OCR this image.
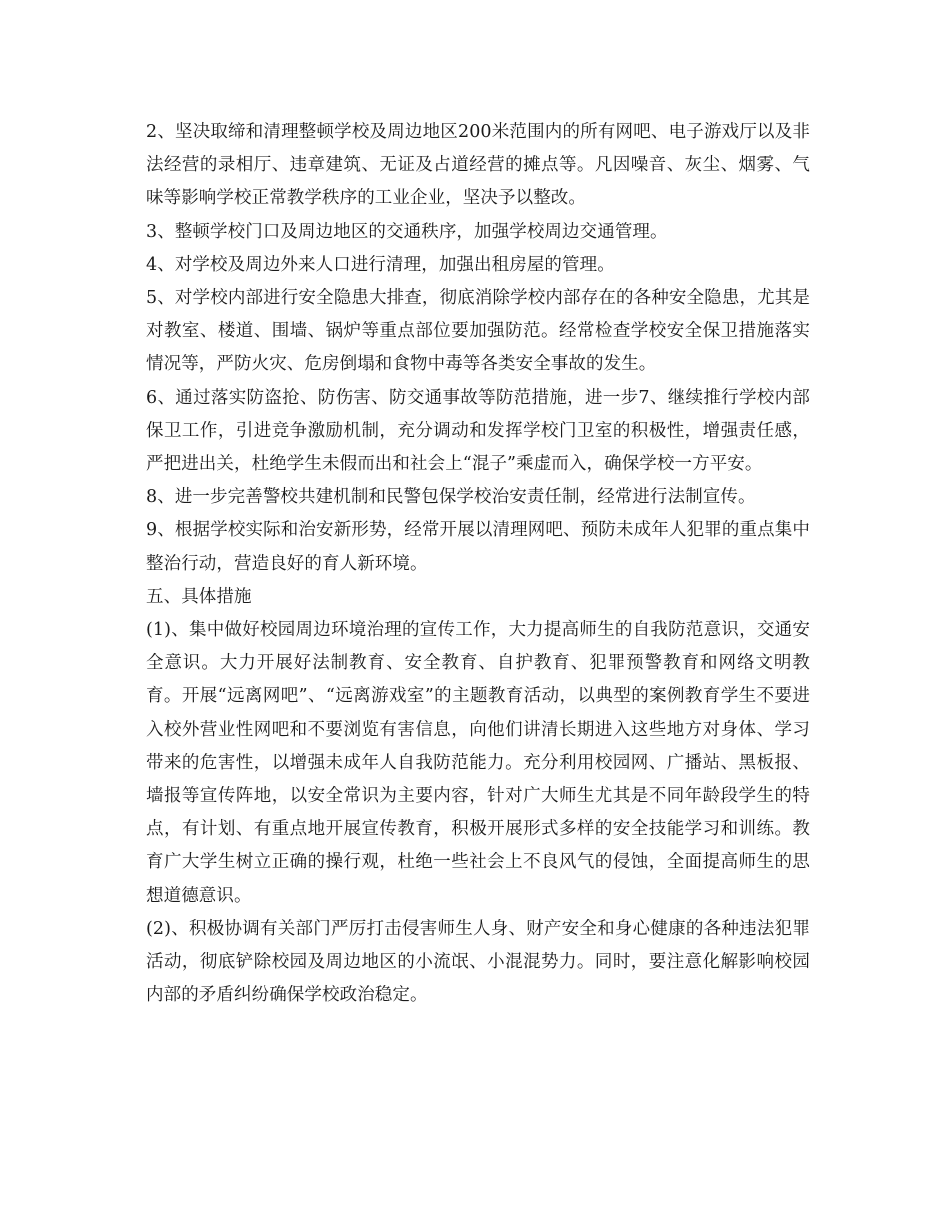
2、坚决取缔和清理整顿学校及周边地区200米范围内的所有网吧、电子游戏厅以及非法经营的录相厅、违章建筑、无证及占道经营的摊点等。凡因噪音、灰尘、烟雾、气味等影响学校正常教学秩序的工业企业，坚决予以整改。

3、整顿学校门口及周边地区的交通秩序，加强学校周边交通管理。

4、对学校及周边外来人口进行清理，加强出租房屋的管理。

5、对学校内部进行安全隐患大排查，彻底消除学校内部存在的各种安全隐患，尤其是对教室、楼道、围墙、锅炉等重点部位要加强防范。经常检查学校安全保卫措施落实情况等，严防火灾、危房倒塌和食物中毒等各类安全事故的发生。

6、通过落实防盗抢、防伤害、防交通事故等防范措施，进一步7、继续推行学校内部保卫工作，引进竞争激励机制，充分调动和发挥学校门卫室的积极性，增强责任感，严把进出关，杜绝学生未假而出和社会上“混子”乘虚而入，确保学校一方平安。

8、进一步完善警校共建机制和民警包保学校治安责任制，经常进行法制宣传。

9、根据学校实际和治安新形势，经常开展以清理网吧、预防未成年人犯罪的重点集中整治行动，营造良好的育人新环境。

五、具体措施

(1)、集中做好校园周边环境治理的宣传工作，大力提高师生的自我防范意识，交通安全意识。大力开展好法制教育、安全教育、自护教育、犯罪预警教育和网络文明教育。开展“远离网吧”、“远离游戏室”的主题教育活动，以典型的案例教育学生不要进入校外营业性网吧和不要浏览有害信息，向他们讲清长期进入这些地方对身体、学习带来的危害性，以增强未成年人自我防范能力。充分利用校园网、广播站、黑板报、墙报等宣传阵地，以安全常识为主要内容，针对广大师生尤其是不同年龄段学生的特点，有计划、有重点地开展宣传教育，积极开展形式多样的安全技能学习和训练。教育广大学生树立正确的操行观，杜绝一些社会上不良风气的侵蚀，全面提高师生的思想道德意识。

(2)、积极协调有关部门严厉打击侵害师生人身、财产安全和身心健康的各种违法犯罪活动，彻底铲除校园及周边地区的小流氓、小混混势力。同时，要注意化解影响校园内部的矛盾纠纷确保学校政治稳定。
